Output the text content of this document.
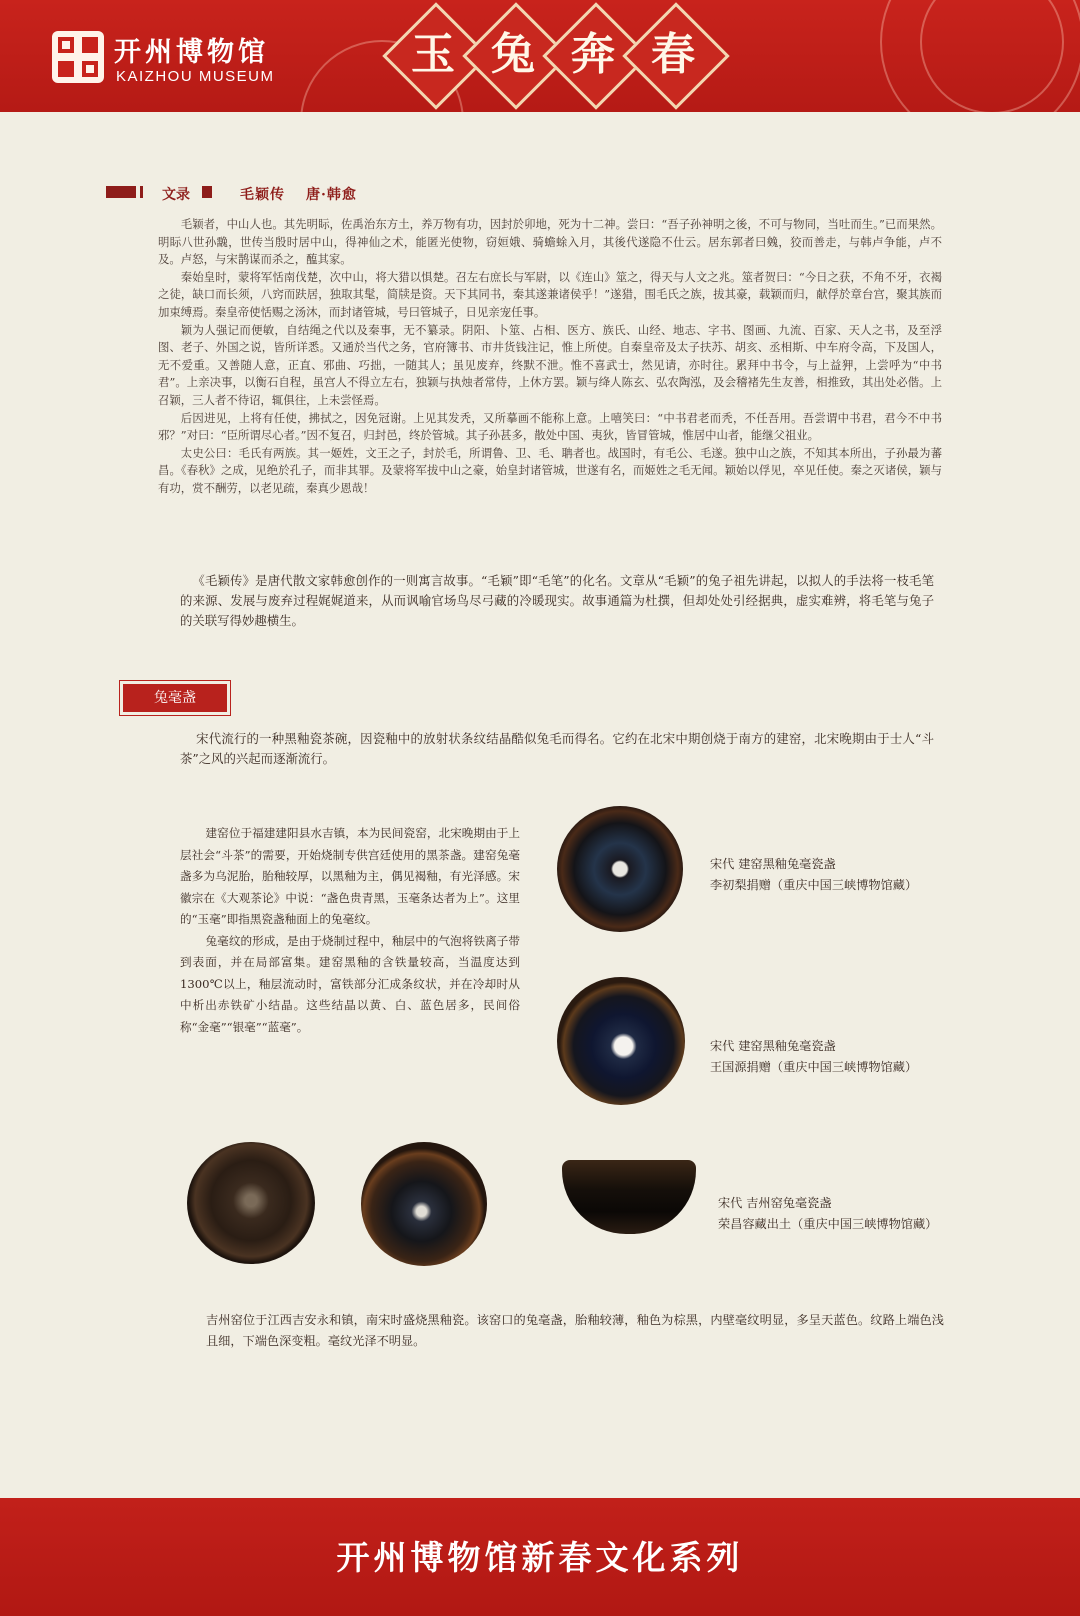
开州博物馆
KAIZHOU MUSEUM	玉 兔 奔 春
文录	毛颖传 唐·韩愈

毛颖者，中山人也。其先明眎，佐禹治东方土，养万物有功，因封於卯地，死为十二神。尝曰：“吾子孙神明之後，不可与物同，当吐而生。”已而果然。明眎八世孙䨲，世传当殷时居中山，得神仙之术，能匿光使物，窃姮娥、骑蟾蜍入月，其後代遂隐不仕云。居东郭者曰㕙，狡而善走，与韩卢争能，卢不及。卢怒，与宋鹊谋而杀之，醢其家。

秦始皇时，蒙将军恬南伐楚，次中山，将大猎以惧楚。召左右庶长与军尉，以《连山》筮之，得天与人文之兆。筮者贺曰：“今日之获，不角不牙，衣褐之徒，缺口而长须，八窍而趺居，独取其髦，简牍是资。天下其同书，秦其遂兼诸侯乎！”遂猎，围毛氏之族，拔其豪，载颖而归，献俘於章台宫，聚其族而加束缚焉。秦皇帝使恬赐之汤沐，而封诸管城，号曰管城子，日见亲宠任事。

颖为人强记而便敏，自结绳之代以及秦事，无不纂录。阴阳、卜筮、占相、医方、族氏、山经、地志、字书、图画、九流、百家、天人之书，及至浮图、老子、外国之说，皆所详悉。又通於当代之务，官府簿书、市井货钱注记，惟上所使。自秦皇帝及太子扶苏、胡亥、丞相斯、中车府令高，下及国人，无不爱重。又善随人意，正直、邪曲、巧拙，一随其人；虽见废弃，终默不泄。惟不喜武士，然见请，亦时往。累拜中书令，与上益狎，上尝呼为“中书君”。上亲决事，以衡石自程，虽宫人不得立左右，独颖与执烛者常侍，上休方罢。颖与绛人陈玄、弘农陶泓，及会稽褚先生友善，相推致，其出处必偕。上召颖，三人者不待诏，辄俱往，上未尝怪焉。

后因进见，上将有任使，拂拭之，因免冠谢。上见其发秃，又所摹画不能称上意。上嘻笑曰：“中书君老而秃，不任吾用。吾尝谓中书君，君今不中书邪？”对曰：“臣所谓尽心者。”因不复召，归封邑，终於管城。其子孙甚多，散处中国、夷狄，皆冒管城，惟居中山者，能继父祖业。

太史公曰：毛氏有两族。其一姬姓，文王之子，封於毛，所谓鲁、卫、毛、聃者也。战国时，有毛公、毛遂。独中山之族，不知其本所出，子孙最为蕃昌。《春秋》之成，见绝於孔子，而非其罪。及蒙将军拔中山之豪，始皇封诸管城，世遂有名，而姬姓之毛无闻。颖始以俘见，卒见任使。秦之灭诸侯，颖与有功，赏不酬劳，以老见疏，秦真少恩哉！

《毛颖传》是唐代散文家韩愈创作的一则寓言故事。“毛颖”即“毛笔”的化名。文章从“毛颖”的兔子祖先讲起，以拟人的手法将一枝毛笔的来源、发展与废弃过程娓娓道来，从而讽喻官场鸟尽弓藏的冷暖现实。故事通篇为杜撰，但却处处引经据典，虚实难辨，将毛笔与兔子的关联写得妙趣横生。

兔毫盏

宋代流行的一种黑釉瓷茶碗，因瓷釉中的放射状条纹结晶酷似兔毛而得名。它约在北宋中期创烧于南方的建窑，北宋晚期由于士人“斗茶”之风的兴起而逐渐流行。

建窑位于福建建阳县水吉镇，本为民间瓷窑，北宋晚期由于上层社会“斗茶”的需要，开始烧制专供宫廷使用的黑茶盏。建窑兔毫盏多为乌泥胎，胎釉较厚，以黑釉为主，偶见褐釉，有光泽感。宋徽宗在《大观茶论》中说：“盏色贵青黑，玉毫条达者为上”。这里的“玉毫”即指黑瓷盏釉面上的兔毫纹。

兔毫纹的形成，是由于烧制过程中，釉层中的气泡将铁离子带到表面，并在局部富集。建窑黑釉的含铁量较高，当温度达到1300℃以上，釉层流动时，富铁部分汇成条纹状，并在冷却时从中析出赤铁矿小结晶。这些结晶以黄、白、蓝色居多，民间俗称“金毫”“银毫”“蓝毫”。

宋代 建窑黑釉兔毫瓷盏
李初梨捐赠（重庆中国三峡博物馆藏）
宋代 建窑黑釉兔毫瓷盏
王国源捐赠（重庆中国三峡博物馆藏）
宋代 吉州窑兔毫瓷盏
荣昌容藏出土（重庆中国三峡博物馆藏）

吉州窑位于江西吉安永和镇，南宋时盛烧黑釉瓷。该窑口的兔毫盏，胎釉较薄，釉色为棕黑，内壁毫纹明显，多呈天蓝色。纹路上端色浅且细，下端色深变粗。毫纹光泽不明显。

开州博物馆新春文化系列
